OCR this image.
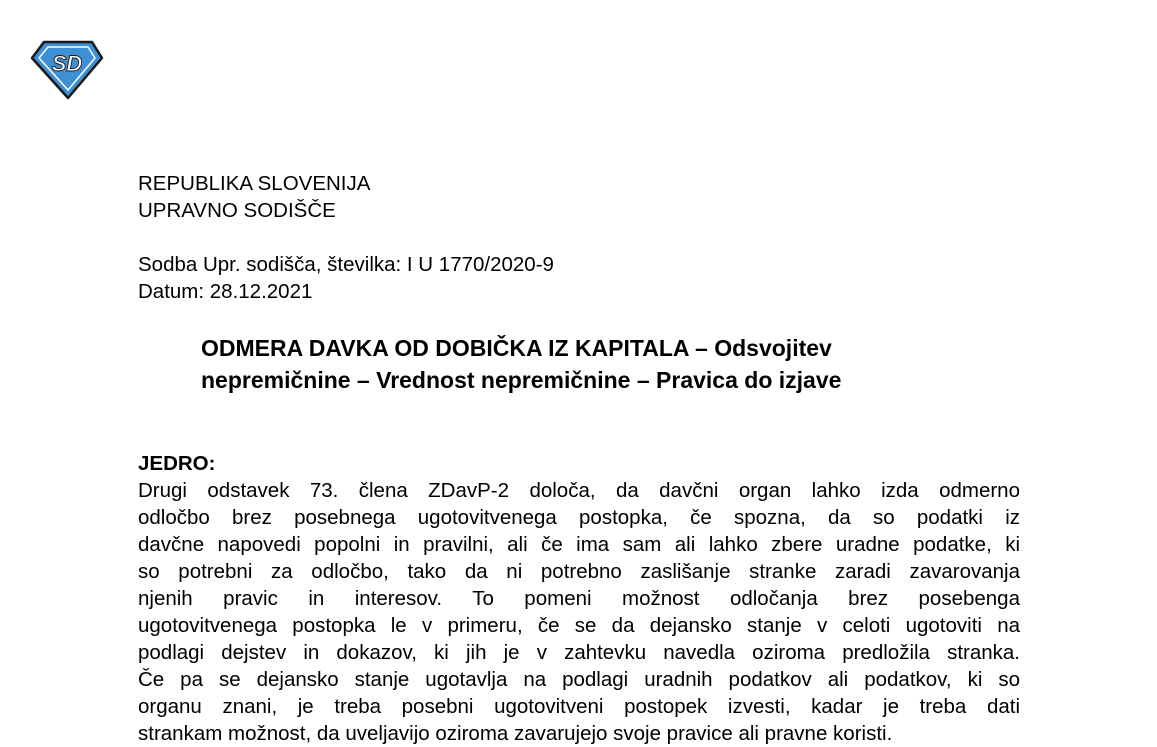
SD

REPUBLIKA SLOVENIJA

UPRAVNO SODIŠČE

Sodba Upr. sodišča, številka: I U 1770/2020-9

Datum: 28.12.2021

ODMERA DAVKA OD DOBIČKA IZ KAPITALA – Odsvojitev

nepremičnine – Vrednost nepremičnine – Pravica do izjave

JEDRO:

Drugi odstavek 73. člena ZDavP-2 določa, da davčni organ lahko izda odmerno

odločbo brez posebnega ugotovitvenega postopka, če spozna, da so podatki iz

davčne napovedi popolni in pravilni, ali če ima sam ali lahko zbere uradne podatke, ki

so potrebni za odločbo, tako da ni potrebno zaslišanje stranke zaradi zavarovanja

njenih pravic in interesov. To pomeni možnost odločanja brez posebenga

ugotovitvenega postopka le v primeru, če se da dejansko stanje v celoti ugotoviti na

podlagi dejstev in dokazov, ki jih je v zahtevku navedla oziroma predložila stranka.

Če pa se dejansko stanje ugotavlja na podlagi uradnih podatkov ali podatkov, ki so

organu znani, je treba posebni ugotovitveni postopek izvesti, kadar je treba dati

strankam možnost, da uveljavijo oziroma zavarujejo svoje pravice ali pravne koristi.
